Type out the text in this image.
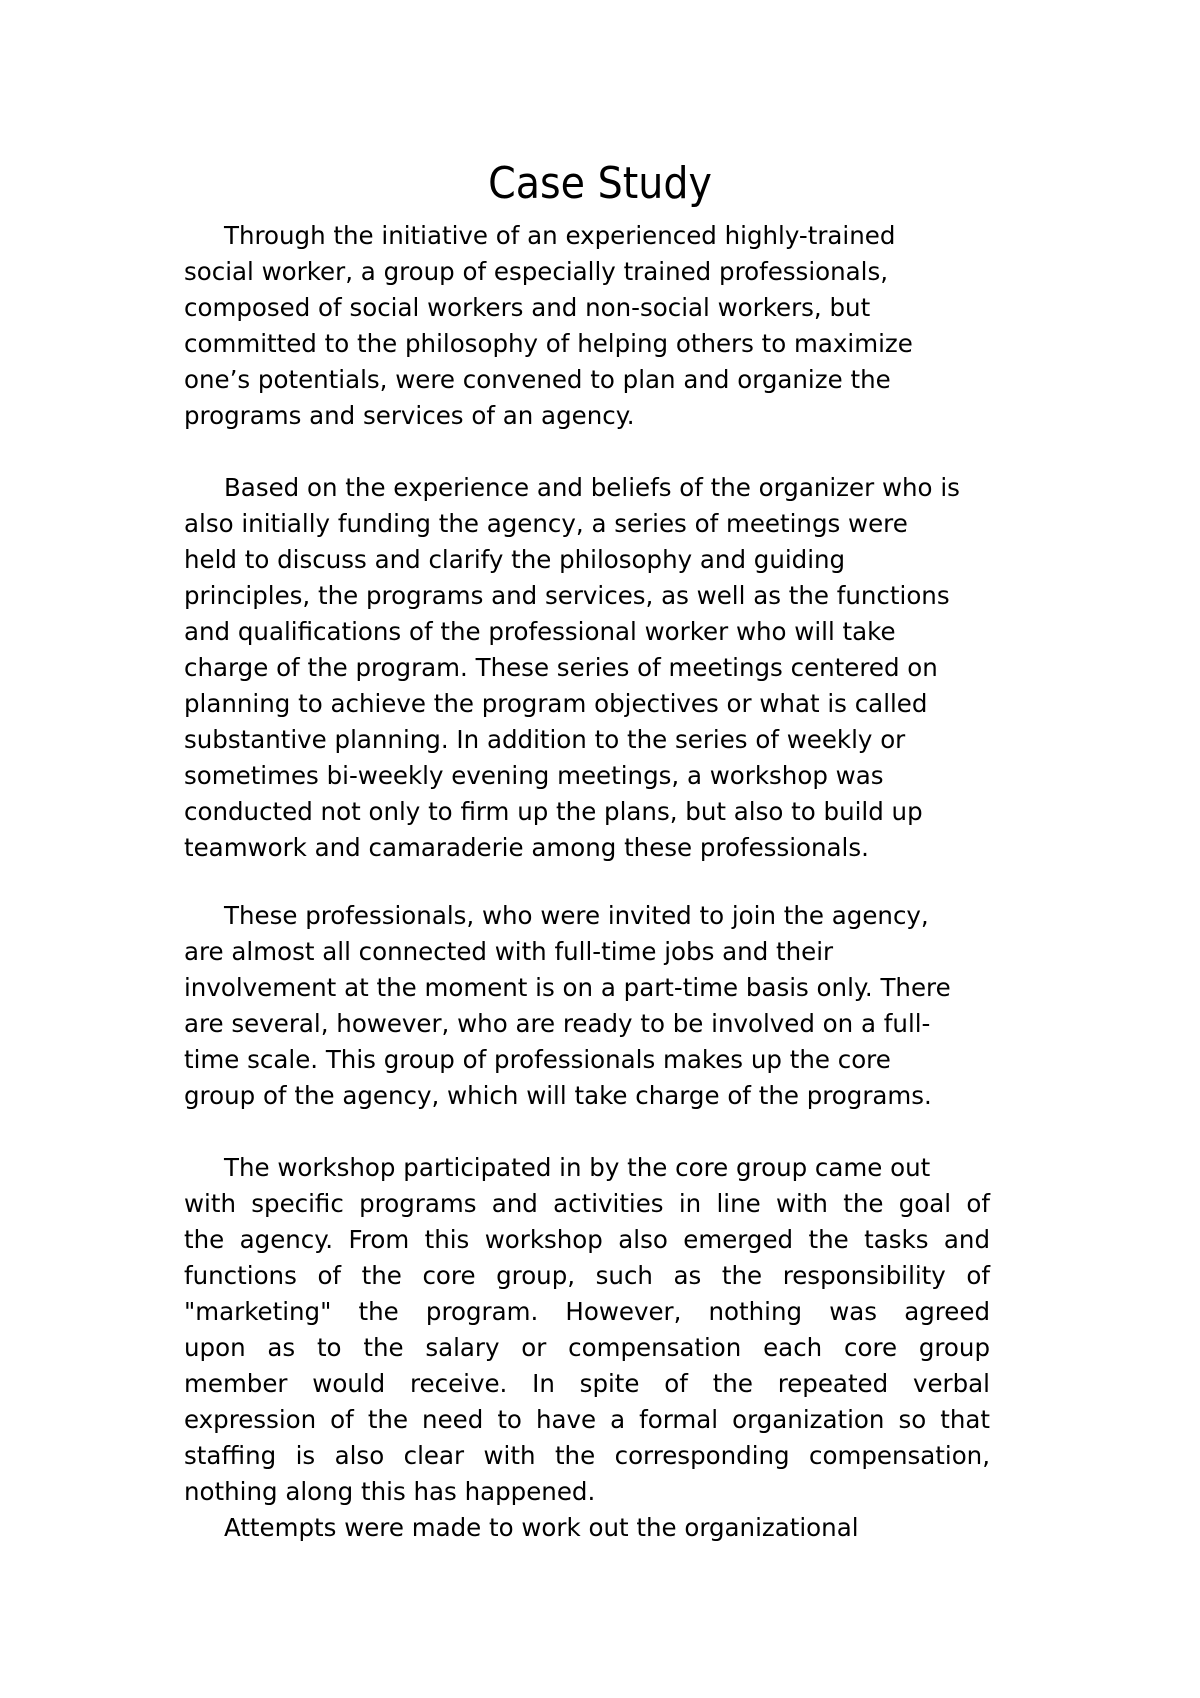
Case Study
Through the initiative of an experienced highly-trained
social worker, a group of especially trained professionals,
composed of social workers and non-social workers, but
committed to the philosophy of helping others to maximize
one’s potentials, were convened to plan and organize the
programs and services of an agency.
Based on the experience and beliefs of the organizer who is
also initially funding the agency, a series of meetings were
held to discuss and clarify the philosophy and guiding
principles, the programs and services, as well as the functions
and qualifications of the professional worker who will take
charge of the program. These series of meetings centered on
planning to achieve the program objectives or what is called
substantive planning. In addition to the series of weekly or
sometimes bi-weekly evening meetings, a workshop was
conducted not only to firm up the plans, but also to build up
teamwork and camaraderie among these professionals.
These professionals, who were invited to join the agency,
are almost all connected with full-time jobs and their
involvement at the moment is on a part-time basis only. There
are several, however, who are ready to be involved on a full-
time scale. This group of professionals makes up the core
group of the agency, which will take charge of the programs.
The workshop participated in by the core group came out
with specific programs and activities in line with the goal of
the agency. From this workshop also emerged the tasks and
functions of the core group, such as the responsibility of
"marketing" the program. However, nothing was agreed
upon as to the salary or compensation each core group
member would receive. In spite of the repeated verbal
expression of the need to have a formal organization so that
staffing is also clear with the corresponding compensation,
nothing along this has happened.
Attempts were made to work out the organizational
